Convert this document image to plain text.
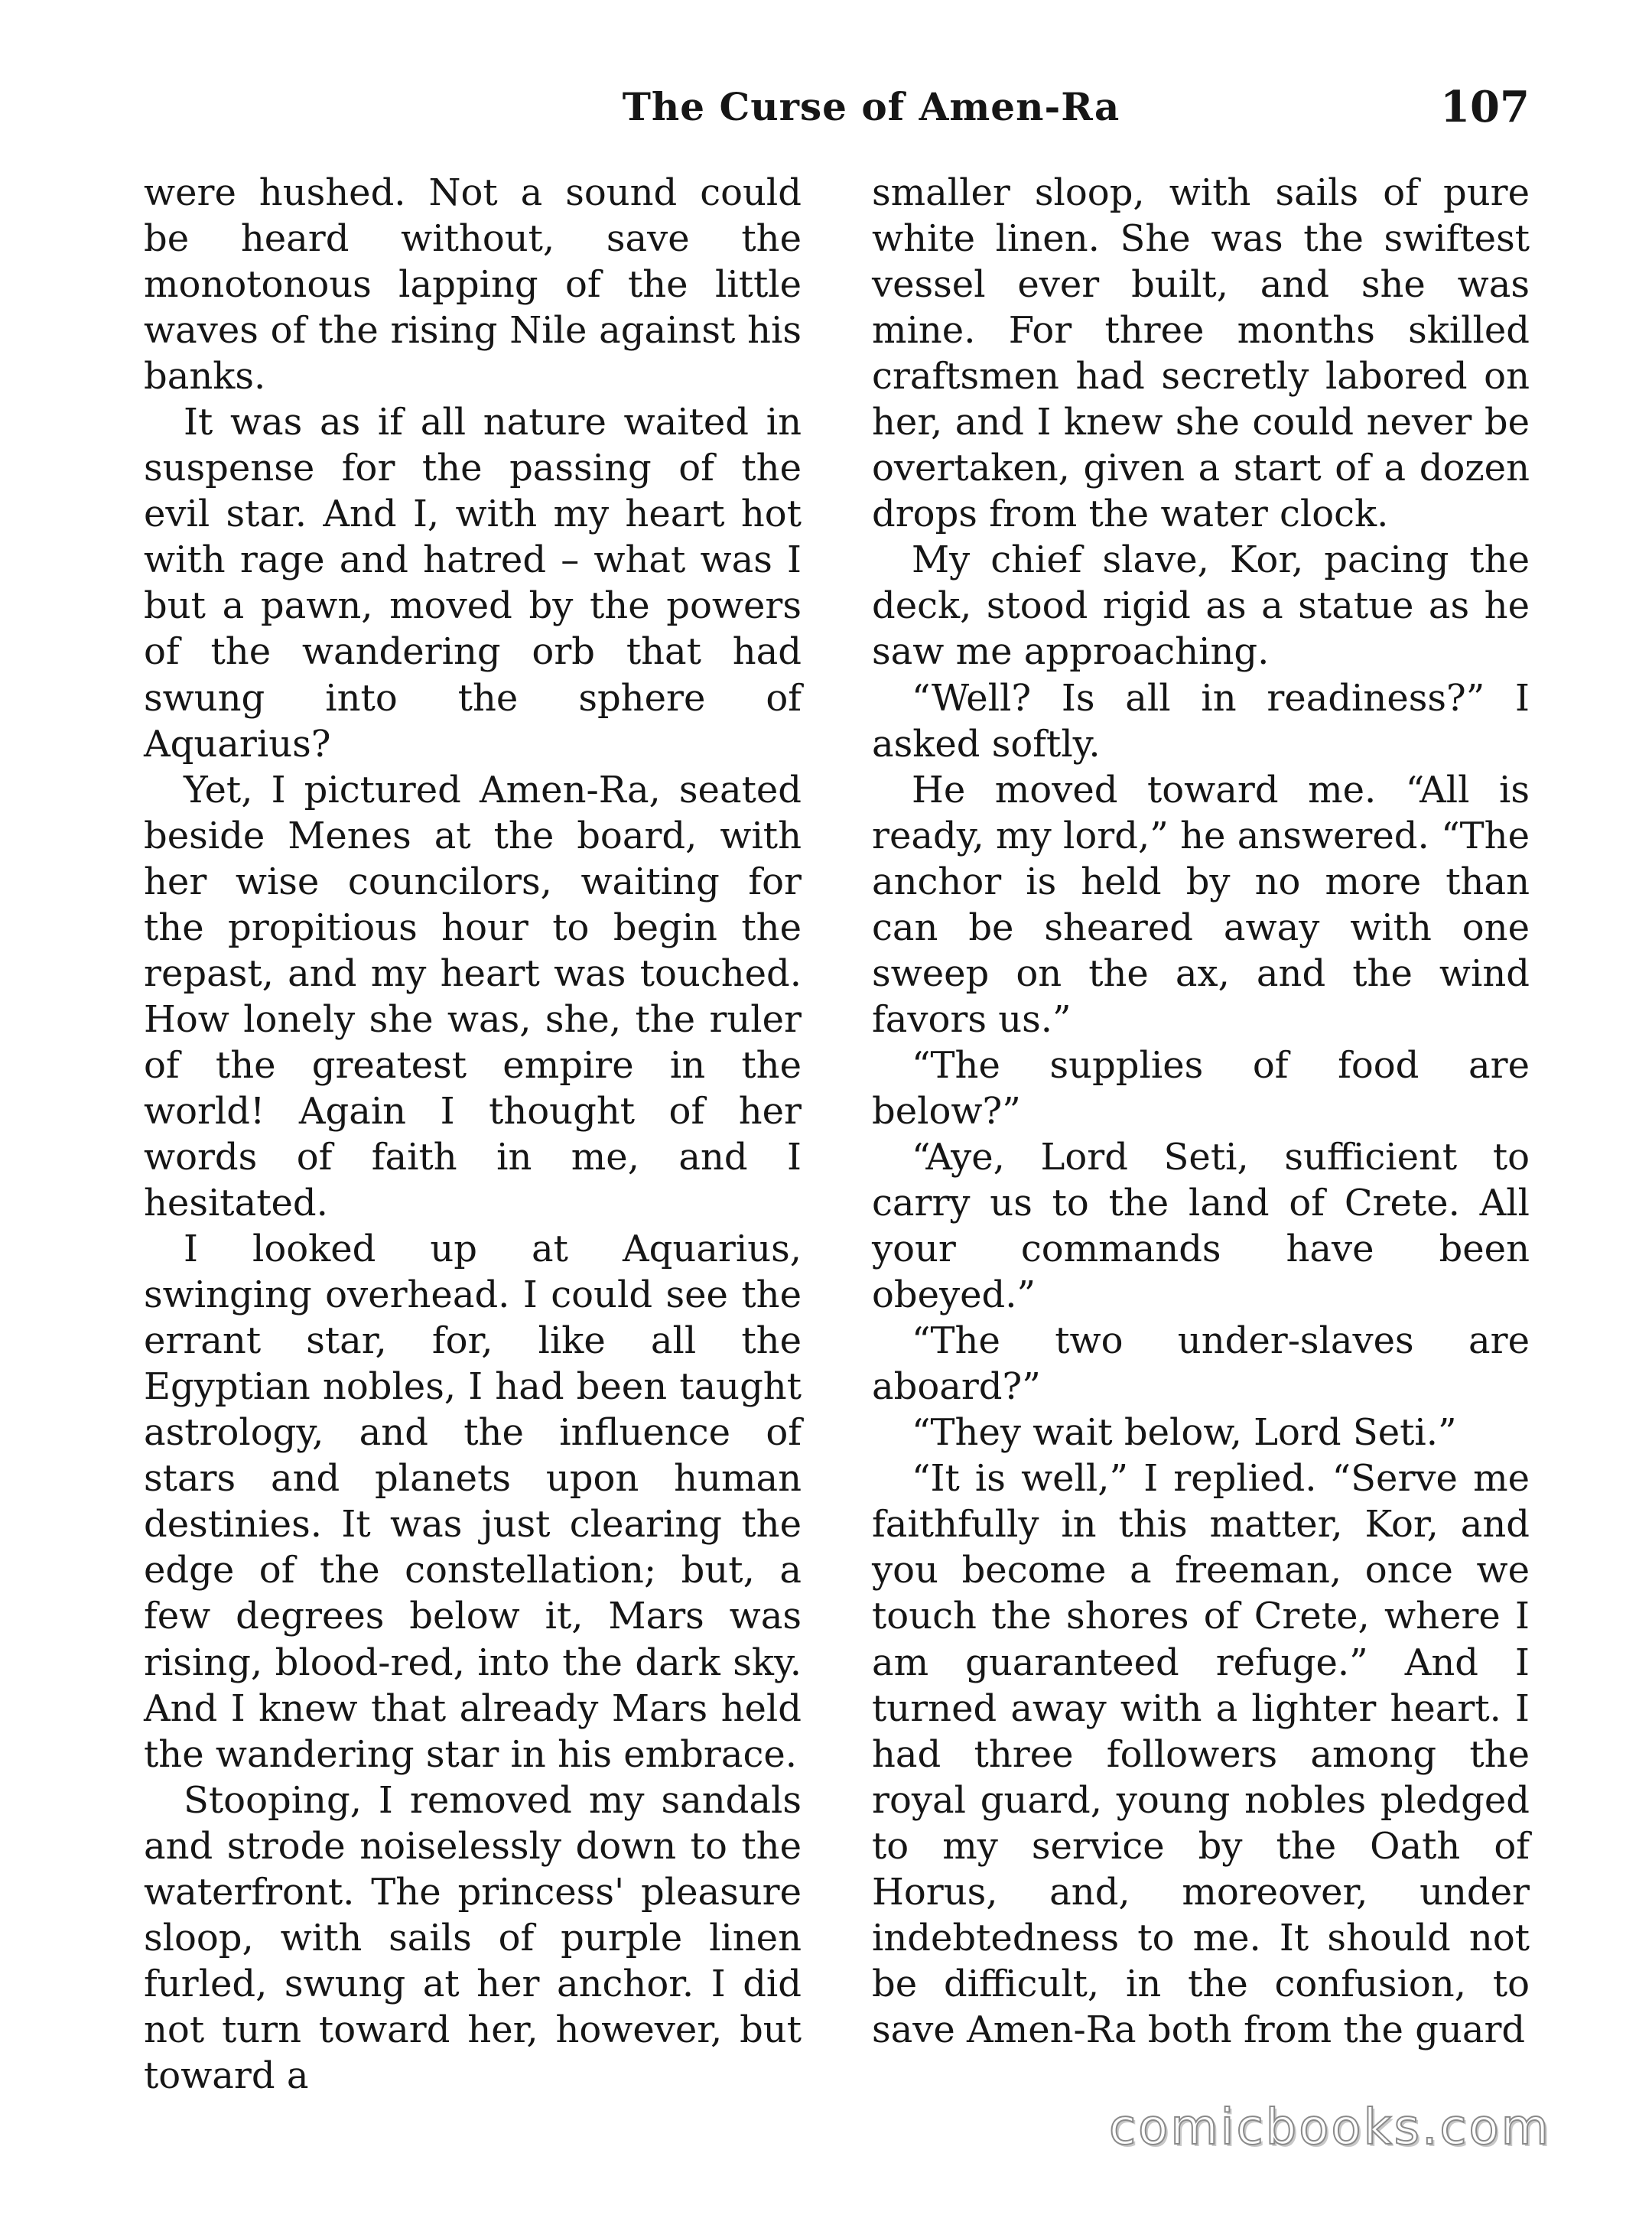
The Curse of Amen-Ra	107

were hushed. Not a sound could be heard without, save the monotonous lapping of the little waves of the rising Nile against his banks.

It was as if all nature waited in suspense for the passing of the evil star. And I, with my heart hot with rage and hatred – what was I but a pawn, moved by the powers of the wandering orb that had swung into the sphere of Aquarius?

Yet, I pictured Amen-Ra, seated beside Menes at the board, with her wise councilors, waiting for the propitious hour to begin the repast, and my heart was touched. How lonely she was, she, the ruler of the greatest empire in the world! Again I thought of her words of faith in me, and I hesitated.

I looked up at Aquarius, swinging overhead. I could see the errant star, for, like all the Egyptian nobles, I had been taught astrology, and the influence of stars and planets upon human destinies. It was just clearing the edge of the constellation; but, a few degrees below it, Mars was rising, blood-red, into the dark sky. And I knew that already Mars held the wandering star in his embrace.

Stooping, I removed my sandals and strode noiselessly down to the waterfront. The princess' pleasure sloop, with sails of purple linen furled, swung at her anchor. I did not turn toward her, however, but toward a

smaller sloop, with sails of pure white linen. She was the swiftest vessel ever built, and she was mine. For three months skilled craftsmen had secretly labored on her, and I knew she could never be overtaken, given a start of a dozen drops from the water clock.

My chief slave, Kor, pacing the deck, stood rigid as a statue as he saw me approaching.

“Well? Is all in readiness?” I asked softly.

He moved toward me. “All is ready, my lord,” he answered. “The anchor is held by no more than can be sheared away with one sweep on the ax, and the wind favors us.”

“The supplies of food are below?”

“Aye, Lord Seti, sufficient to carry us to the land of Crete. All your commands have been obeyed.”

“The two under-slaves are aboard?”

“They wait below, Lord Seti.”

“It is well,” I replied. “Serve me faithfully in this matter, Kor, and you become a freeman, once we touch the shores of Crete, where I am guaranteed refuge.” And I turned away with a lighter heart. I had three followers among the royal guard, young nobles pledged to my service by the Oath of Horus, and, moreover, under indebtedness to me. It should not be difficult, in the confusion, to save Amen-Ra both from the guard

comicbooks.com
